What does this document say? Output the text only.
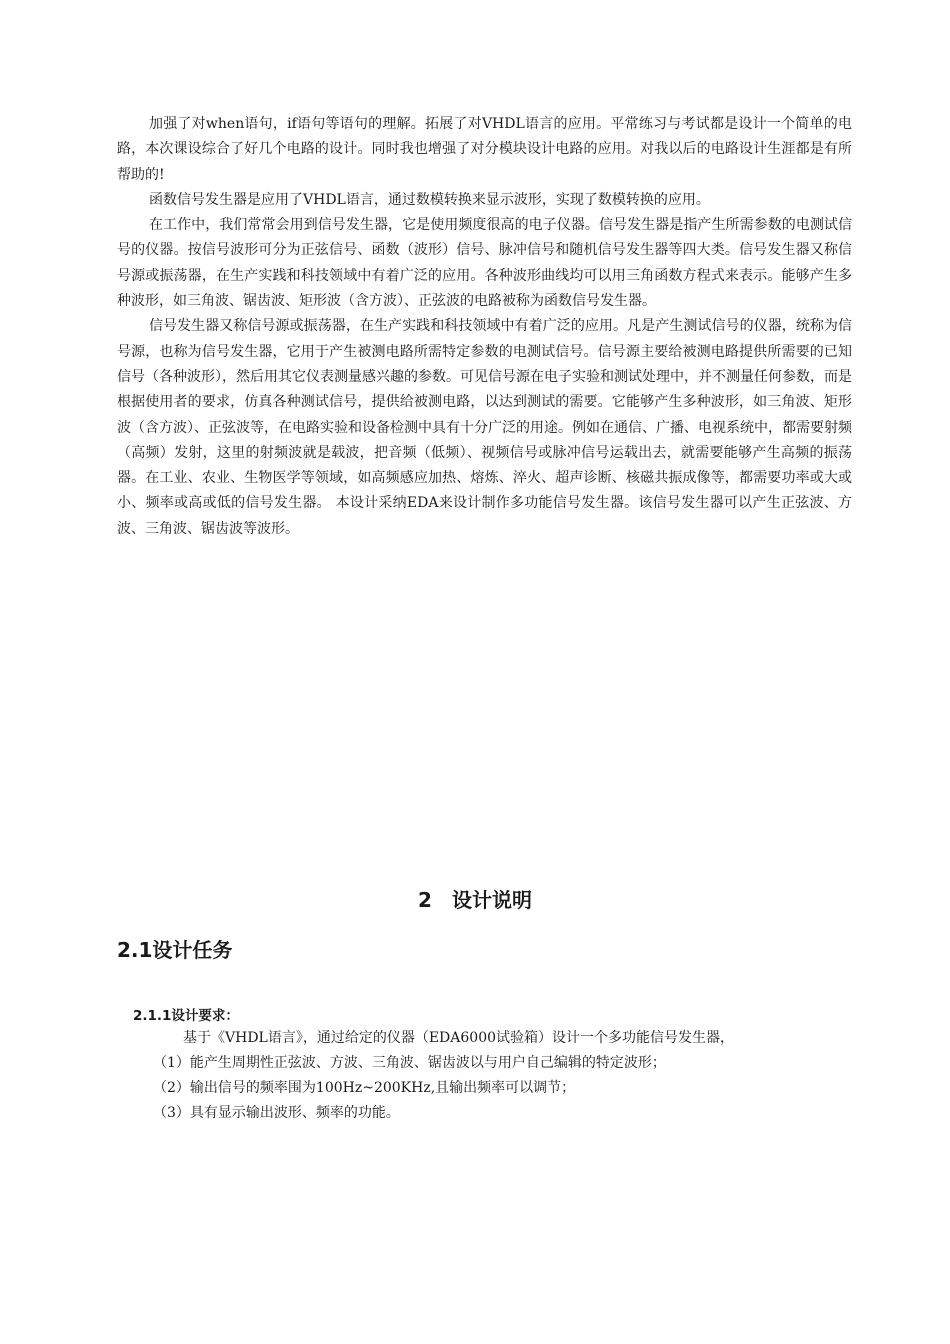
加强了对when语句，if语句等语句的理解。拓展了对VHDL语言的应用。平常练习与考试都是设计一个简单的电路，本次课设综合了好几个电路的设计。同时我也增强了对分模块设计电路的应用。对我以后的电路设计生涯都是有所帮助的!

函数信号发生器是应用了VHDL语言，通过数模转换来显示波形，实现了数模转换的应用。

在工作中，我们常常会用到信号发生器，它是使用频度很高的电子仪器。信号发生器是指产生所需参数的电测试信号的仪器。按信号波形可分为正弦信号、函数（波形）信号、脉冲信号和随机信号发生器等四大类。信号发生器又称信号源或振荡器，在生产实践和科技领域中有着广泛的应用。各种波形曲线均可以用三角函数方程式来表示。能够产生多种波形，如三角波、锯齿波、矩形波（含方波）、正弦波的电路被称为函数信号发生器。

信号发生器又称信号源或振荡器，在生产实践和科技领域中有着广泛的应用。凡是产生测试信号的仪器，统称为信号源，也称为信号发生器，它用于产生被测电路所需特定参数的电测试信号。信号源主要给被测电路提供所需要的已知信号（各种波形），然后用其它仪表测量感兴趣的参数。可见信号源在电子实验和测试处理中，并不测量任何参数，而是根据使用者的要求，仿真各种测试信号，提供给被测电路，以达到测试的需要。它能够产生多种波形，如三角波、矩形波（含方波）、正弦波等，在电路实验和设备检测中具有十分广泛的用途。例如在通信、广播、电视系统中，都需要射频（高频）发射，这里的射频波就是载波，把音频（低频）、视频信号或脉冲信号运载出去，就需要能够产生高频的振荡器。在工业、农业、生物医学等领域，如高频感应加热、熔炼、淬火、超声诊断、核磁共振成像等，都需要功率或大或小、频率或高或低的信号发生器。 本设计采纳EDA来设计制作多功能信号发生器。该信号发生器可以产生正弦波、方波、三角波、锯齿波等波形。

2 设计说明
2.1设计任务
2.1.1设计要求：
基于《VHDL语言》，通过给定的仪器（EDA6000试验箱）设计一个多功能信号发生器，
（1）能产生周期性正弦波、方波、三角波、锯齿波以与用户自己编辑的特定波形；
（2）输出信号的频率围为100Hz~200KHz,且输出频率可以调节；
（3）具有显示输出波形、频率的功能。
